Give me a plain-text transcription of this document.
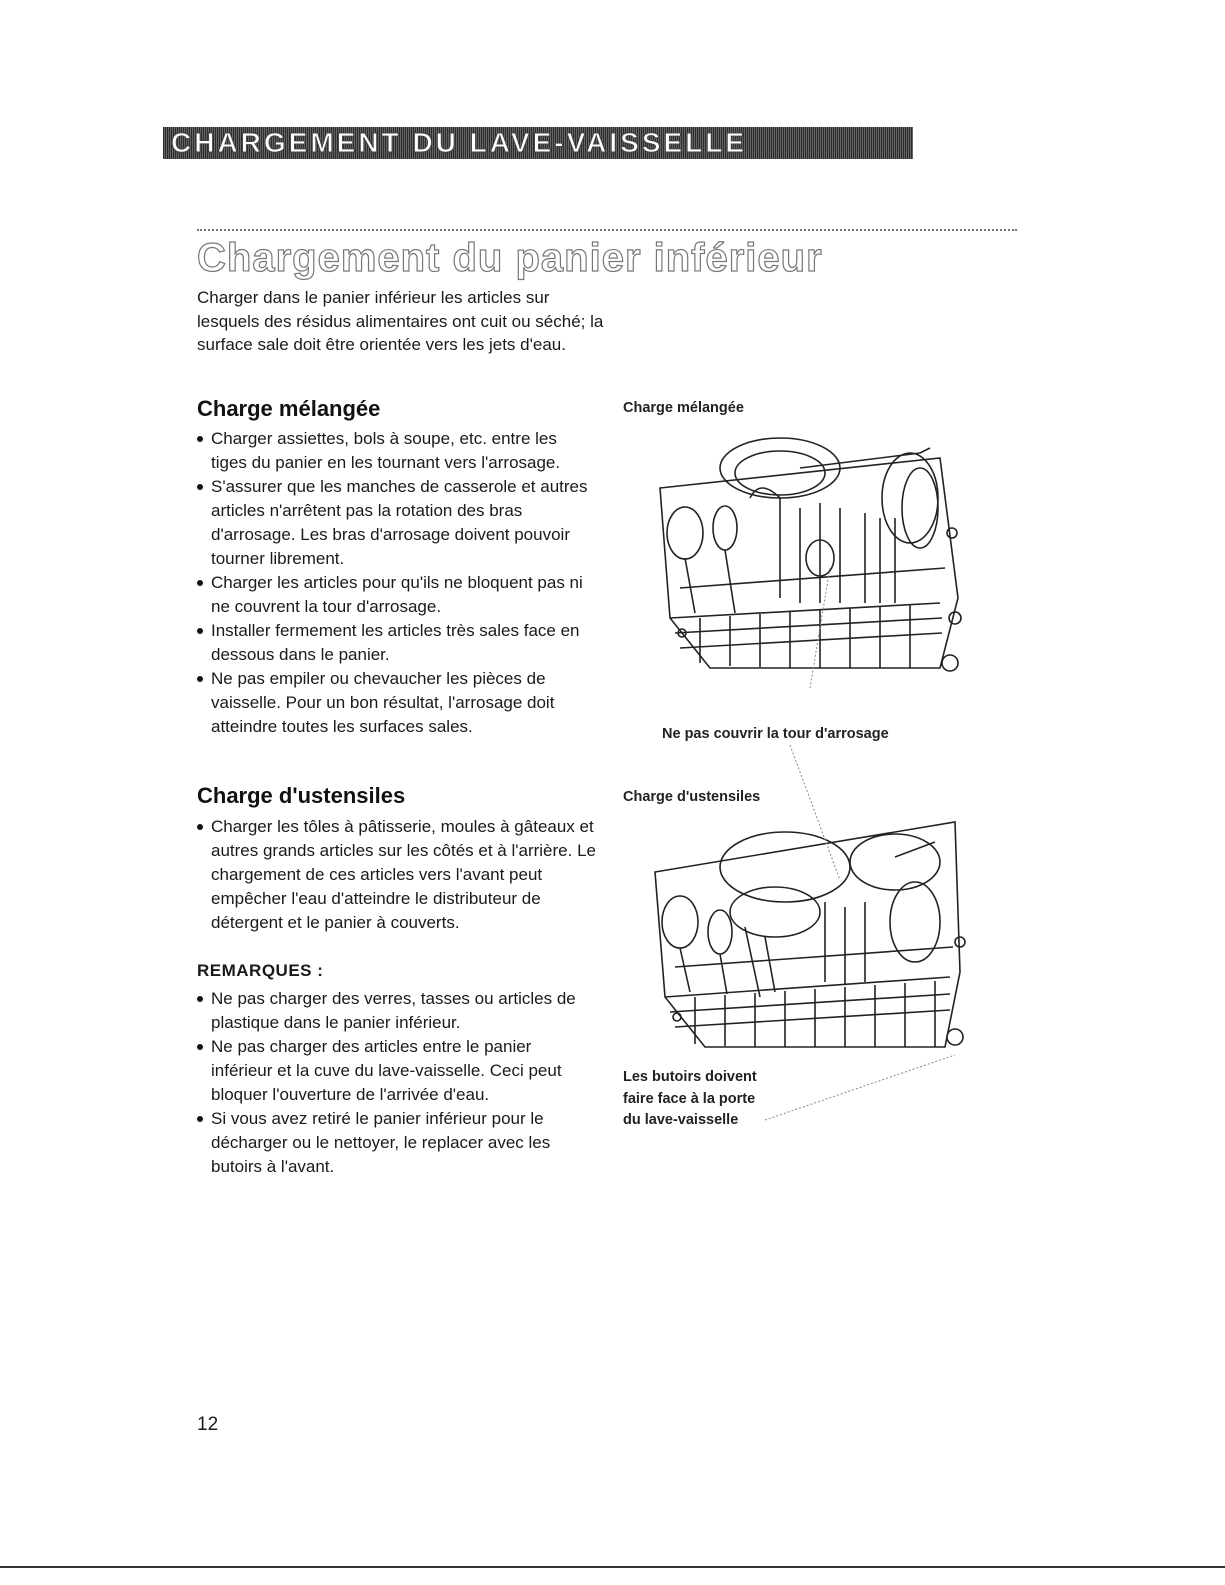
CHARGEMENT DU LAVE-VAISSELLE
Chargement du panier inférieur

Charger dans le panier inférieur les articles sur lesquels des résidus alimentaires ont cuit ou séché; la surface sale doit être orientée vers les jets d'eau.

Charge mélangée
Charger assiettes, bols à soupe, etc. entre les tiges du panier en les tournant vers l'arrosage.
S'assurer que les manches de casserole et autres articles n'arrêtent pas la rotation des bras d'arrosage. Les bras d'arrosage doivent pouvoir tourner librement.
Charger les articles pour qu'ils ne bloquent pas ni ne couvrent la tour d'arrosage.
Installer fermement les articles très sales face en dessous dans le panier.
Ne pas empiler ou chevaucher les pièces de vaisselle. Pour un bon résultat, l'arrosage doit atteindre toutes les surfaces sales.
Charge d'ustensiles
Charger les tôles à pâtisserie, moules à gâteaux et autres grands articles sur les côtés et à l'arrière. Le chargement de ces articles vers l'avant peut empêcher l'eau d'atteindre le distributeur de détergent et le panier à couverts.

REMARQUES :

Ne pas charger des verres, tasses ou articles de plastique dans le panier inférieur.
Ne pas charger des articles entre le panier inférieur et la cuve du lave-vaisselle. Ceci peut bloquer l'ouverture de l'arrivée d'eau.
Si vous avez retiré le panier inférieur pour le décharger ou le nettoyer, le replacer avec les butoirs à l'avant.

Charge mélangée

Ne pas couvrir la tour d'arrosage

Charge d'ustensiles

Les butoirs doivent

faire face à la porte

du lave-vaisselle

12
